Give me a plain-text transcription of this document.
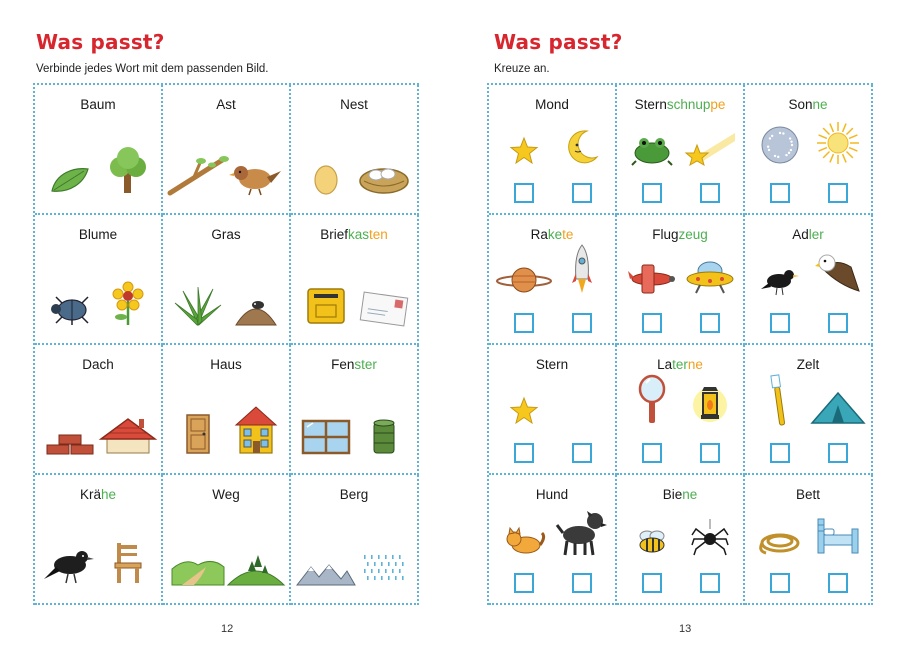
Was passt?

Verbinde jedes Wort mit dem passenden Bild.

Baum	Ast	Nest
Blume	Gras	Briefkasten
Dach	Haus	Fenster
Krähe	Weg	Berg
12
Was passt?

Kreuze an.

Mond	Sternschnuppe	Sonne
Rakete	Flugzeug	Adler
Stern	Laterne	Zelt
Hund	Biene	Bett
13
